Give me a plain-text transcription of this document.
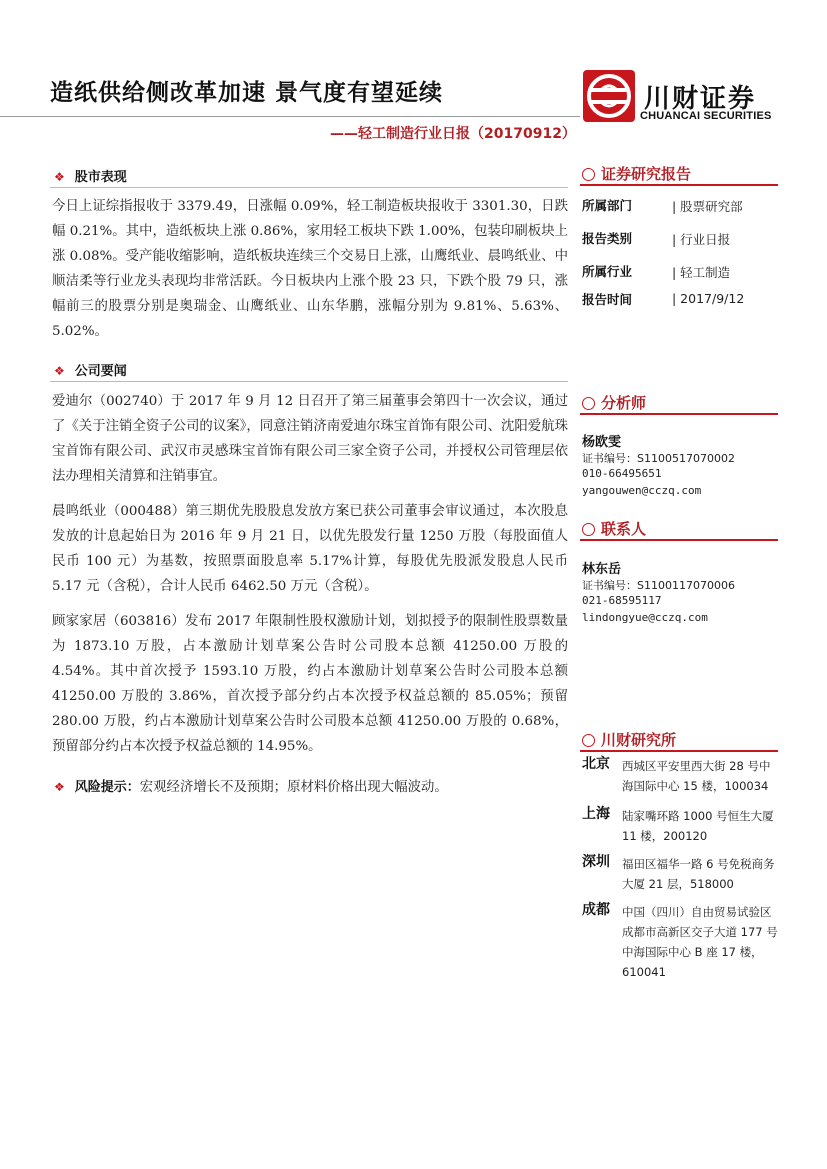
造纸供给侧改革加速 景气度有望延续
——轻工制造行业日报（20170912）
川财证券
CHUANCAI SECURITIES
❖ 股市表现

今日上证综指报收于 3379.49，日涨幅 0.09%，轻工制造板块报收于 3301.30，日跌幅 0.21%。其中，造纸板块上涨 0.86%，家用轻工板块下跌 1.00%，包装印刷板块上涨 0.08%。受产能收缩影响，造纸板块连续三个交易日上涨，山鹰纸业、晨鸣纸业、中顺洁柔等行业龙头表现均非常活跃。今日板块内上涨个股 23 只，下跌个股 79 只，涨幅前三的股票分别是奥瑞金、山鹰纸业、山东华鹏，涨幅分别为 9.81%、5.63%、5.02%。

❖ 公司要闻

爱迪尔（002740）于 2017 年 9 月 12 日召开了第三届董事会第四十一次会议，通过了《关于注销全资子公司的议案》，同意注销济南爱迪尔珠宝首饰有限公司、沈阳爱航珠宝首饰有限公司、武汉市灵感珠宝首饰有限公司三家全资子公司，并授权公司管理层依法办理相关清算和注销事宜。

晨鸣纸业（000488）第三期优先股股息发放方案已获公司董事会审议通过，本次股息发放的计息起始日为 2016 年 9 月 21 日，以优先股发行量 1250 万股（每股面值人民币 100 元）为基数，按照票面股息率 5.17%计算，每股优先股派发股息人民币 5.17 元（含税），合计人民币 6462.50 万元（含税）。

顾家家居（603816）发布 2017 年限制性股权激励计划，划拟授予的限制性股票数量为 1873.10 万股，占本激励计划草案公告时公司股本总额 41250.00 万股的 4.54%。其中首次授予 1593.10 万股，约占本激励计划草案公告时公司股本总额 41250.00 万股的 3.86%，首次授予部分约占本次授予权益总额的 85.05%；预留 280.00 万股，约占本激励计划草案公告时公司股本总额 41250.00 万股的 0.68%，预留部分约占本次授予权益总额的 14.95%。

❖ 风险提示：宏观经济增长不及预期；原材料价格出现大幅波动。
证券研究报告
所属部门	| 股票研究部
报告类别	| 行业日报
所属行业	| 轻工制造
报告时间	| 2017/9/12
分析师
杨欧雯
证书编号：S1100517070002
010-66495651
yangouwen@cczq.com
联系人
林东岳
证书编号：S1100117070006
021-68595117
lindongyue@cczq.com
川财研究所
北京 西城区平安里西大街 28 号中海国际中心 15 楼，100034
上海 陆家嘴环路 1000 号恒生大厦 11 楼，200120
深圳 福田区福华一路 6 号免税商务大厦 21 层，518000
成都 中国（四川）自由贸易试验区成都市高新区交子大道 177 号中海国际中心 B 座 17 楼，610041
